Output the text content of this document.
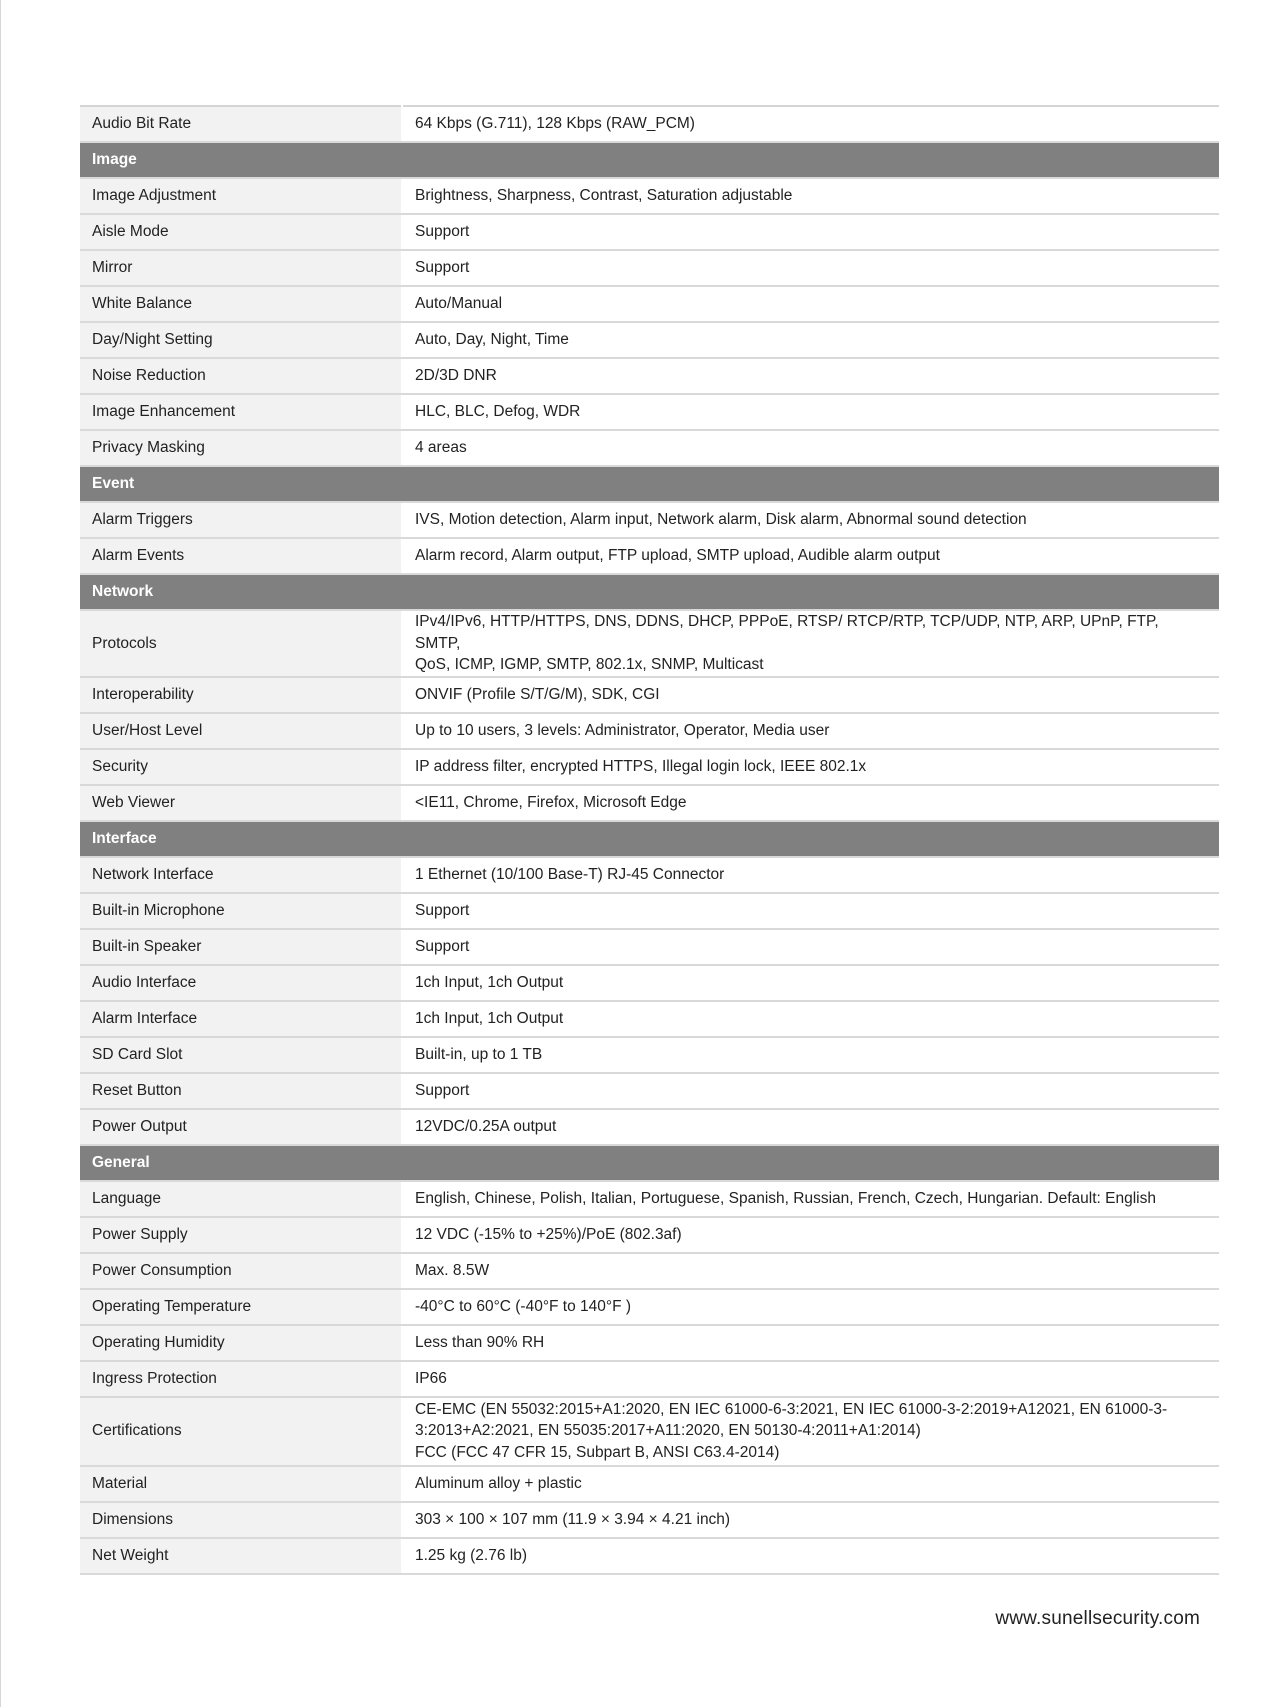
Audio Bit Rate	64 Kbps (G.711), 128 Kbps (RAW_PCM)
Image	
Image Adjustment	Brightness, Sharpness, Contrast, Saturation adjustable
Aisle Mode	Support
Mirror	Support
White Balance	Auto/Manual
Day/Night Setting	Auto, Day, Night, Time
Noise Reduction	2D/3D DNR
Image Enhancement	HLC, BLC, Defog, WDR
Privacy Masking	4 areas
Event	
Alarm Triggers	IVS, Motion detection, Alarm input, Network alarm, Disk alarm, Abnormal sound detection
Alarm Events	Alarm record, Alarm output, FTP upload, SMTP upload, Audible alarm output
Network	
Protocols	IPv4/IPv6, HTTP/HTTPS, DNS, DDNS, DHCP, PPPoE, RTSP/ RTCP/RTP, TCP/UDP, NTP, ARP, UPnP, FTP, SMTP,
QoS, ICMP, IGMP, SMTP, 802.1x, SNMP, Multicast

Interoperability	ONVIF (Profile S/T/G/M), SDK, CGI
User/Host Level	Up to 10 users, 3 levels: Administrator, Operator, Media user
Security	IP address filter, encrypted HTTPS, Illegal login lock, IEEE 802.1x
Web Viewer	<IE11, Chrome, Firefox, Microsoft Edge
Interface	
Network Interface	1 Ethernet (10/100 Base-T) RJ-45 Connector
Built-in Microphone	Support
Built-in Speaker	Support
Audio Interface	1ch Input, 1ch Output
Alarm Interface	1ch Input, 1ch Output
SD Card Slot	Built-in, up to 1 TB
Reset Button	Support
Power Output	12VDC/0.25A output
General	
Language	English, Chinese, Polish, Italian, Portuguese, Spanish, Russian, French, Czech, Hungarian. Default: English
Power Supply	12 VDC (-15% to +25%)/PoE (802.3af)
Power Consumption	Max. 8.5W
Operating Temperature	-40°C to 60°C (-40°F to 140°F )
Operating Humidity	Less than 90% RH
Ingress Protection	IP66
Certifications	CE-EMC (EN 55032:2015+A1:2020, EN IEC 61000-6-3:2021, EN IEC 61000-3-2:2019+A12021, EN 61000-3-
3:2013+A2:2021, EN 55035:2017+A11:2020, EN 50130-4:2011+A1:2014)
FCC (FCC 47 CFR 15, Subpart B, ANSI C63.4-2014)

Material	Aluminum alloy + plastic
Dimensions	303 × 100 × 107 mm (11.9 × 3.94 × 4.21 inch)
Net Weight	1.25 kg (2.76 lb)
www.sunellsecurity.com
